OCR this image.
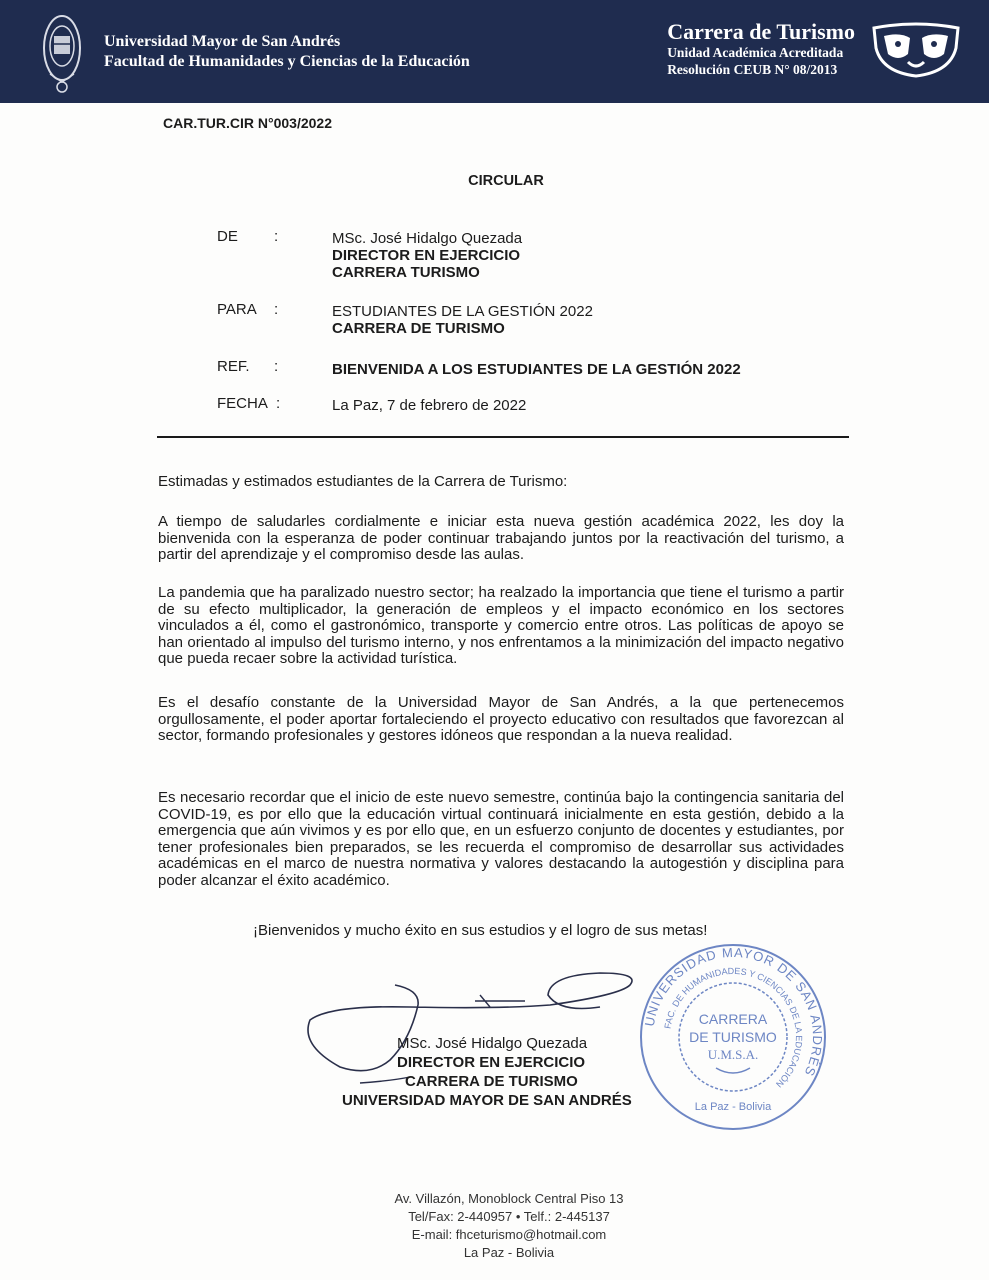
Universidad Mayor de San Andrés
Facultad de Humanidades y Ciencias de la Educación
Carrera de Turismo
Unidad Académica Acreditada
Resolución CEUB N° 08/2013
CAR.TUR.CIR N°003/2022
CIRCULAR
DE	:	MSc. José Hidalgo Quezada
DIRECTOR EN EJERCICIO
CARRERA TURISMO
PARA	:	ESTUDIANTES DE LA GESTIÓN 2022
CARRERA DE TURISMO
REF.	:	BIENVENIDA A LOS ESTUDIANTES DE LA GESTIÓN 2022
FECHA :	La Paz, 7 de febrero de 2022

Estimadas y estimados estudiantes de la Carrera de Turismo:

A tiempo de saludarles cordialmente e iniciar esta nueva gestión académica 2022, les doy la bienvenida con la esperanza de poder continuar trabajando juntos por la reactivación del turismo, a partir del aprendizaje y el compromiso desde las aulas.

La pandemia que ha paralizado nuestro sector; ha realzado la importancia que tiene el turismo a partir de su efecto multiplicador, la generación de empleos y el impacto económico en los sectores vinculados a él, como el gastronómico, transporte y comercio entre otros. Las políticas de apoyo se han orientado al impulso del turismo interno, y nos enfrentamos a la minimización del impacto negativo que pueda recaer sobre la actividad turística.

Es el desafío constante de la Universidad Mayor de San Andrés, a la que pertenecemos orgullosamente, el poder aportar fortaleciendo el proyecto educativo con resultados que favorezcan al sector, formando profesionales y gestores idóneos que respondan a la nueva realidad.

Es necesario recordar que el inicio de este nuevo semestre, continúa bajo la contingencia sanitaria del COVID-19, es por ello que la educación virtual continuará inicialmente en esta gestión, debido a la emergencia que aún vivimos y es por ello que, en un esfuerzo conjunto de docentes y estudiantes, por tener profesionales bien preparados, se les recuerda el compromiso de desarrollar sus actividades académicas en el marco de nuestra normativa y valores destacando la autogestión y disciplina para poder alcanzar el éxito académico.

¡Bienvenidos y mucho éxito en sus estudios y el logro de sus metas!
MSc. José Hidalgo Quezada
DIRECTOR EN EJERCICIO
CARRERA DE TURISMO
UNIVERSIDAD MAYOR DE SAN ANDRÉS
UNIVERSIDAD MAYOR DE SAN ANDRÉS
FAC. DE HUMANIDADES Y CIENCIAS DE LA EDUCACIÓN
CARRERA
DE TURISMO
U.M.S.A.
La Paz - Bolivia
Av. Villazón, Monoblock Central Piso 13
Tel/Fax: 2-440957 • Telf.: 2-445137
E-mail: fhceturismo@hotmail.com
La Paz - Bolivia
